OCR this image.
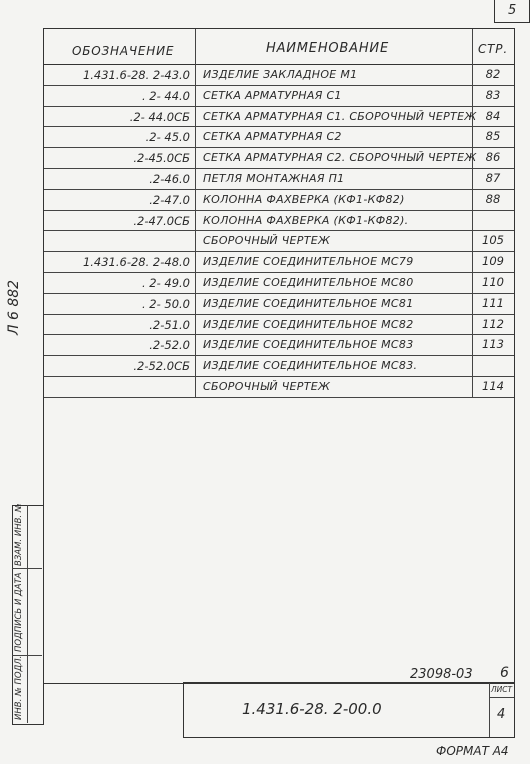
5
ОБОЗНАЧЕНИЕ	НАИМЕНОВАНИЕ	СТР.
1.431.6-28. 2-43.0 ИЗДЕЛИЕ ЗАКЛАДНОЕ М1	82
. 2- 44.0 СЕТКА АРМАТУРНАЯ С1	83
.2- 44.0СБ СЕТКА АРМАТУРНАЯ С1. СБОРОЧНЫЙ ЧЕРТЕЖ 84
.2- 45.0 СЕТКА АРМАТУРНАЯ С2	85
.2-45.0СБ СЕТКА АРМАТУРНАЯ С2. СБОРОЧНЫЙ ЧЕРТЕЖ 86
.2-46.0 ПЕТЛЯ МОНТАЖНАЯ П1	87
.2-47.0 КОЛОННА ФАХВЕРКА (КФ1-КФ82)	88
.2-47.0СБ КОЛОННА ФАХВЕРКА (КФ1-КФ82).
СБОРОЧНЫЙ ЧЕРТЕЖ	105
1.431.6-28. 2-48.0 ИЗДЕЛИЕ СОЕДИНИТЕЛЬНОЕ МС79	109
. 2- 49.0 ИЗДЕЛИЕ СОЕДИНИТЕЛЬНОЕ МС80	110
. 2- 50.0 ИЗДЕЛИЕ СОЕДИНИТЕЛЬНОЕ МС81	111
.2-51.0 ИЗДЕЛИЕ СОЕДИНИТЕЛЬНОЕ МС82	112
.2-52.0 ИЗДЕЛИЕ СОЕДИНИТЕЛЬНОЕ МС83	113
.2-52.0СБ ИЗДЕЛИЕ СОЕДИНИТЕЛЬНОЕ МС83.
СБОРОЧНЫЙ ЧЕРТЕЖ	114
Л 6 882
ИНВ. № ПОДЛ.
ПОДПИСЬ И ДАТА
ВЗАМ. ИНВ. №
23098-03 6
1.431.6-28. 2-00.0
ЛИСТ
4
ФОРМАТ А4
